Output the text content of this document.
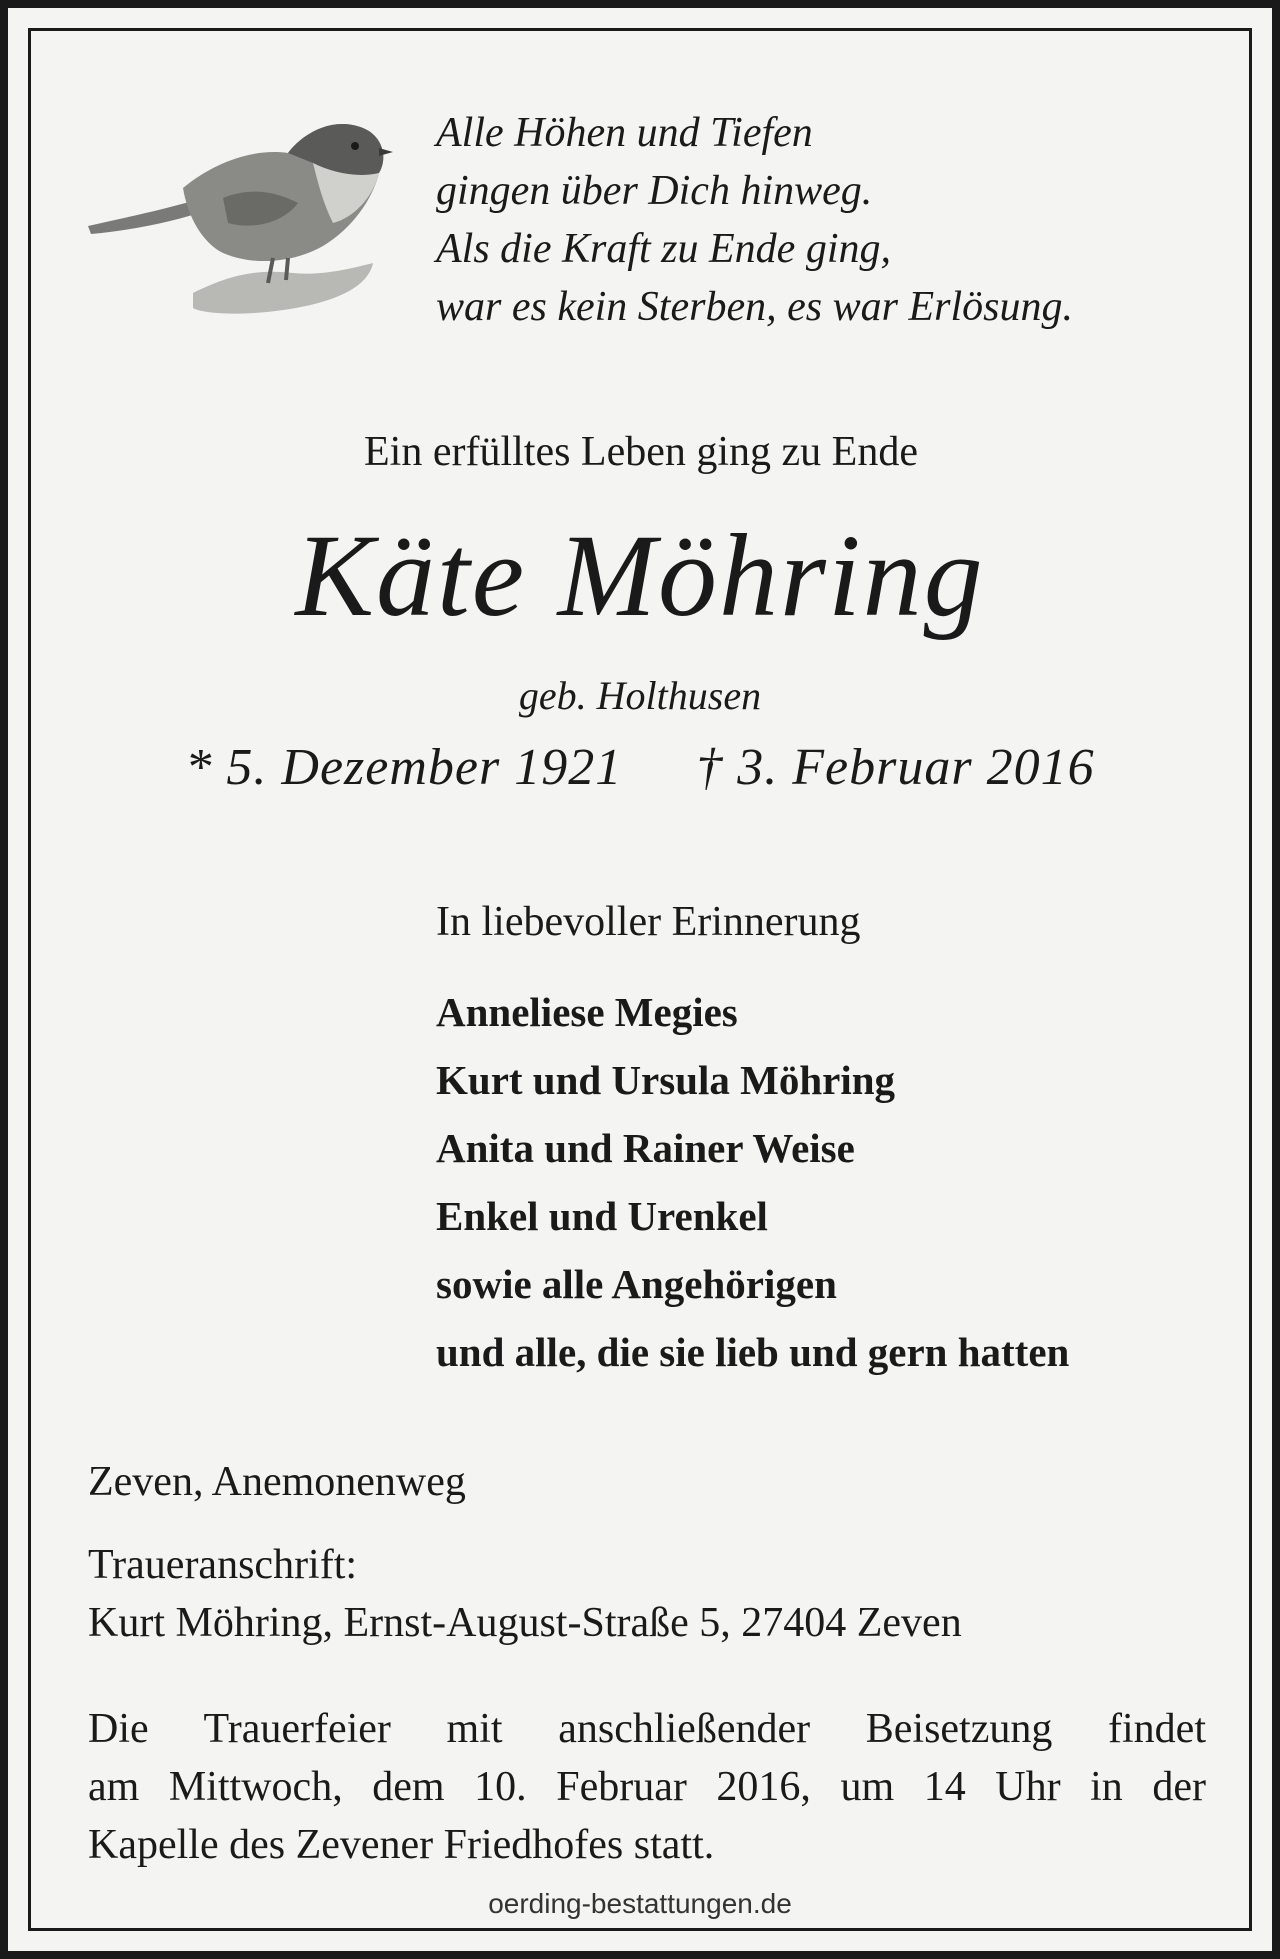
Alle Höhen und Tiefen
gingen über Dich hinweg.
Als die Kraft zu Ende ging,
war es kein Sterben, es war Erlösung.
Ein erfülltes Leben ging zu Ende
Käte Möhring
geb. Holthusen
* 5. Dezember 1921 † 3. Februar 2016
In liebevoller Erinnerung
Anneliese Megies
Kurt und Ursula Möhring
Anita und Rainer Weise
Enkel und Urenkel
sowie alle Angehörigen
und alle, die sie lieb und gern hatten
Zeven, Anemonenweg
Traueranschrift:
Kurt Möhring, Ernst-August-Straße 5, 27404 Zeven
Die Trauerfeier mit anschließender Beisetzung findet
am Mittwoch, dem 10. Februar 2016, um 14 Uhr in der
Kapelle des Zevener Friedhofes statt.
oerding-bestattungen.de
